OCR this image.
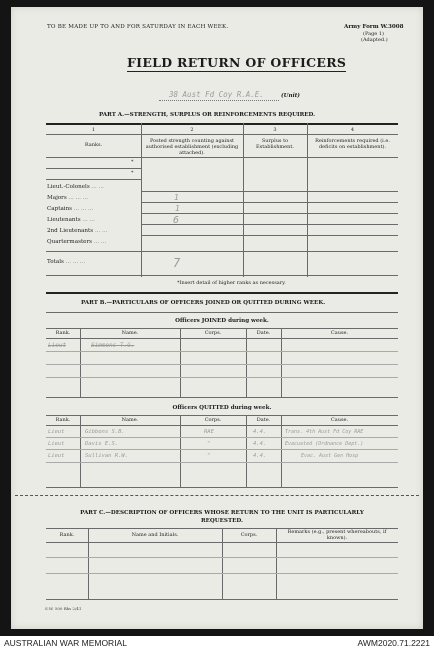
TO BE MADE UP TO AND FOR SATURDAY IN EACH WEEK.	Army Form W.3008
(Page 1)
(Adapted.)
FIELD RETURN OF OFFICERS
38 Aust Fd Coy R.A.E.	(Unit)
PART A.—STRENGTH, SURPLUS OR REINFORCEMENTS REQUIRED.
1	2	3	4
Ranks.
Posted strength counting against authorised establishment (excluding attached).
Surplus to Establishment.
Reinforcements required (i.e. deficits on establishment).
*
*
Lieut.-Colonels ... ...
Majors ... ... ...	1
Captains ... ... ...	1
Lieutenants ... ...	6
2nd Lieutenants ... ...
Quartermasters ... ...
Totals ... ... ...	7
*Insert detail of higher ranks as necessary.
PART B.—PARTICULARS OF OFFICERS JOINED OR QUITTED DURING WEEK.
Officers JOINED during week.
Rank.	Name.	Corps.	Date.	Cause.
Lieut	Simmons T.G.
Officers QUITTED during week.
Rank.	Name.	Corps.	Date.	Cause.
Lieut	Gibbons S.B.	RAE	4.4.	Trans. 4th Aust Fd Coy RAE
Lieut	Davis E.S.	"	4.4.	Evacuated (Ordnance Dept.)
Lieut	Sullivan R.W.	"	4.4.	Evac. Aust Gen Hosp
PART C.—DESCRIPTION OF OFFICERS WHOSE RETURN TO THE UNIT IS PARTICULARLY
REQUESTED.
Rank.	Name and Initials.	Corps.	Remarks (e.g., present whereabouts, if known).
S.W. 500 Bks 2/41
AUSTRALIAN WAR MEMORIAL	AWM2020.71.2221
